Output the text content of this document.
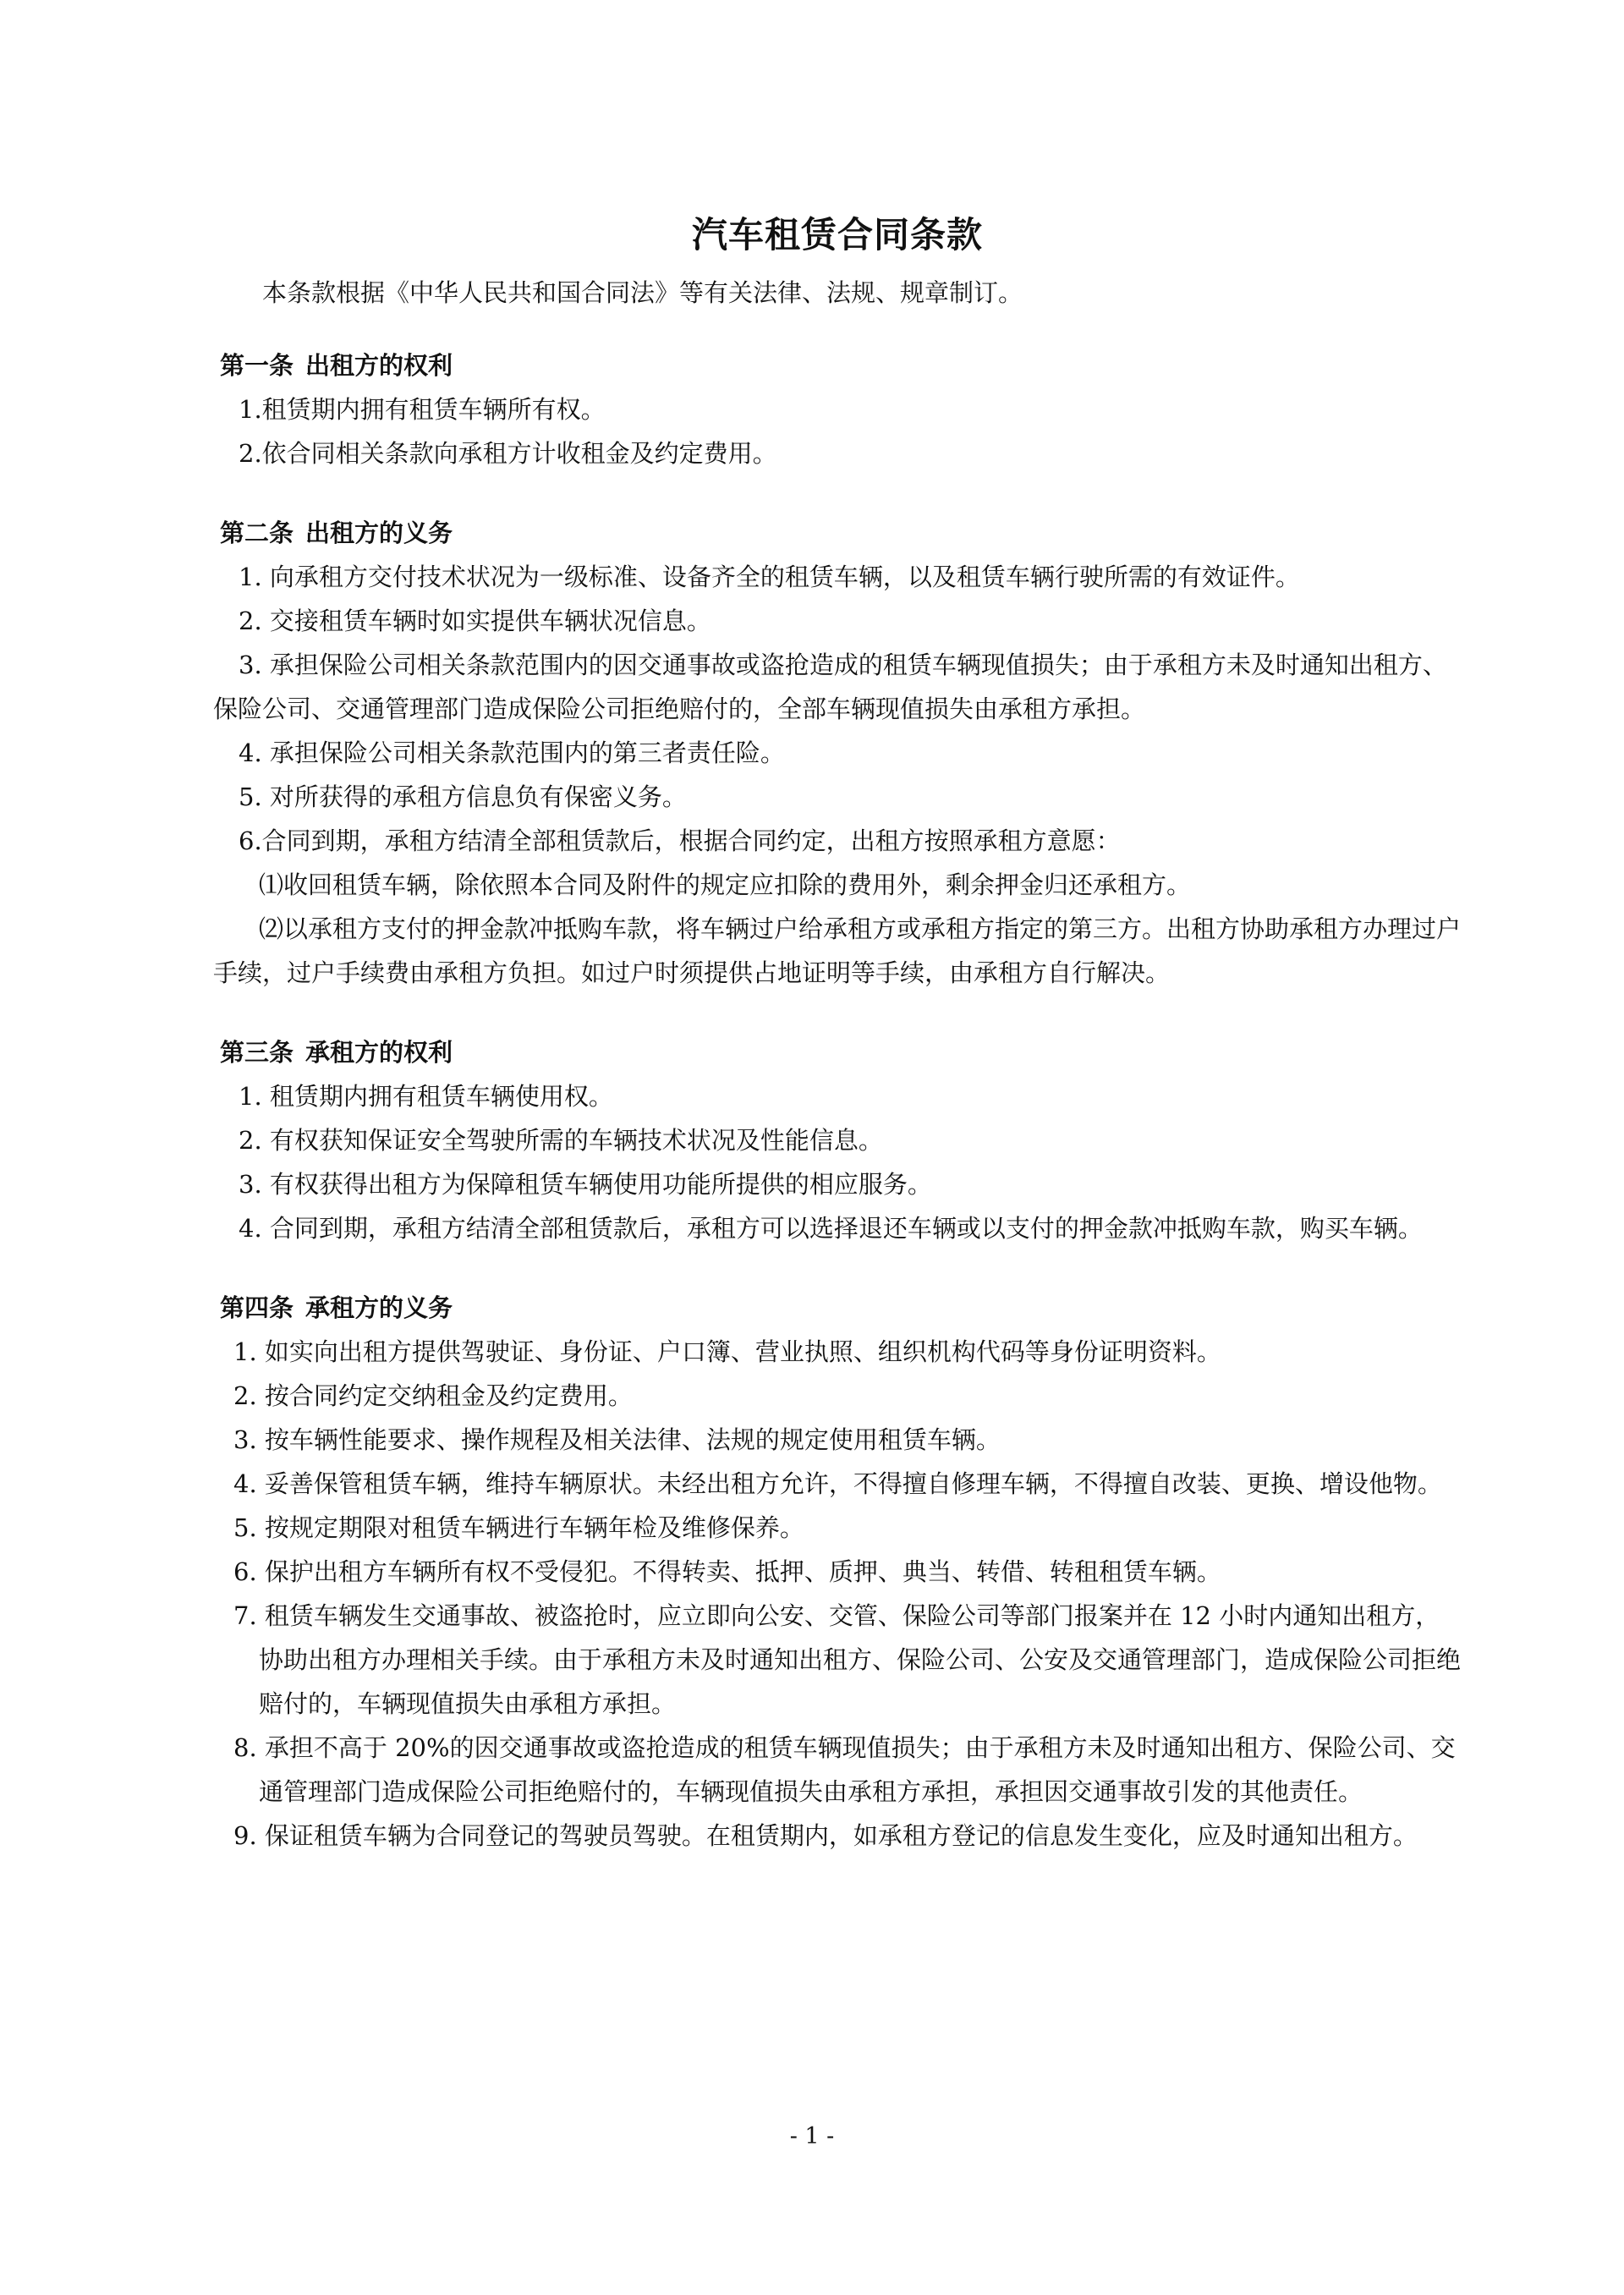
汽车租赁合同条款

本条款根据《中华人民共和国合同法》等有关法律、法规、规章制订。

第一条 出租方的权利

1.租赁期内拥有租赁车辆所有权。

2.依合同相关条款向承租方计收租金及约定费用。

第二条 出租方的义务

1. 向承租方交付技术状况为一级标准、设备齐全的租赁车辆，以及租赁车辆行驶所需的有效证件。

2. 交接租赁车辆时如实提供车辆状况信息。

3. 承担保险公司相关条款范围内的因交通事故或盗抢造成的租赁车辆现值损失；由于承租方未及时通知出租方、保险公司、交通管理部门造成保险公司拒绝赔付的，全部车辆现值损失由承租方承担。

4. 承担保险公司相关条款范围内的第三者责任险。

5. 对所获得的承租方信息负有保密义务。

6.合同到期，承租方结清全部租赁款后，根据合同约定，出租方按照承租方意愿：

⑴收回租赁车辆，除依照本合同及附件的规定应扣除的费用外，剩余押金归还承租方。

⑵以承租方支付的押金款冲抵购车款，将车辆过户给承租方或承租方指定的第三方。出租方协助承租方办理过户手续，过户手续费由承租方负担。如过户时须提供占地证明等手续，由承租方自行解决。

第三条 承租方的权利

1. 租赁期内拥有租赁车辆使用权。

2. 有权获知保证安全驾驶所需的车辆技术状况及性能信息。

3. 有权获得出租方为保障租赁车辆使用功能所提供的相应服务。

4. 合同到期，承租方结清全部租赁款后，承租方可以选择退还车辆或以支付的押金款冲抵购车款，购买车辆。

第四条 承租方的义务

1. 如实向出租方提供驾驶证、身份证、户口簿、营业执照、组织机构代码等身份证明资料。

2. 按合同约定交纳租金及约定费用。

3. 按车辆性能要求、操作规程及相关法律、法规的规定使用租赁车辆。

4. 妥善保管租赁车辆，维持车辆原状。未经出租方允许，不得擅自修理车辆，不得擅自改装、更换、增设他物。

5. 按规定期限对租赁车辆进行车辆年检及维修保养。

6. 保护出租方车辆所有权不受侵犯。不得转卖、抵押、质押、典当、转借、转租租赁车辆。

7. 租赁车辆发生交通事故、被盗抢时，应立即向公安、交管、保险公司等部门报案并在 12 小时内通知出租方，协助出租方办理相关手续。由于承租方未及时通知出租方、保险公司、公安及交通管理部门，造成保险公司拒绝赔付的，车辆现值损失由承租方承担。

8. 承担不高于 20%的因交通事故或盗抢造成的租赁车辆现值损失；由于承租方未及时通知出租方、保险公司、交通管理部门造成保险公司拒绝赔付的，车辆现值损失由承租方承担，承担因交通事故引发的其他责任。

9. 保证租赁车辆为合同登记的驾驶员驾驶。在租赁期内，如承租方登记的信息发生变化，应及时通知出租方。

- 1 -
